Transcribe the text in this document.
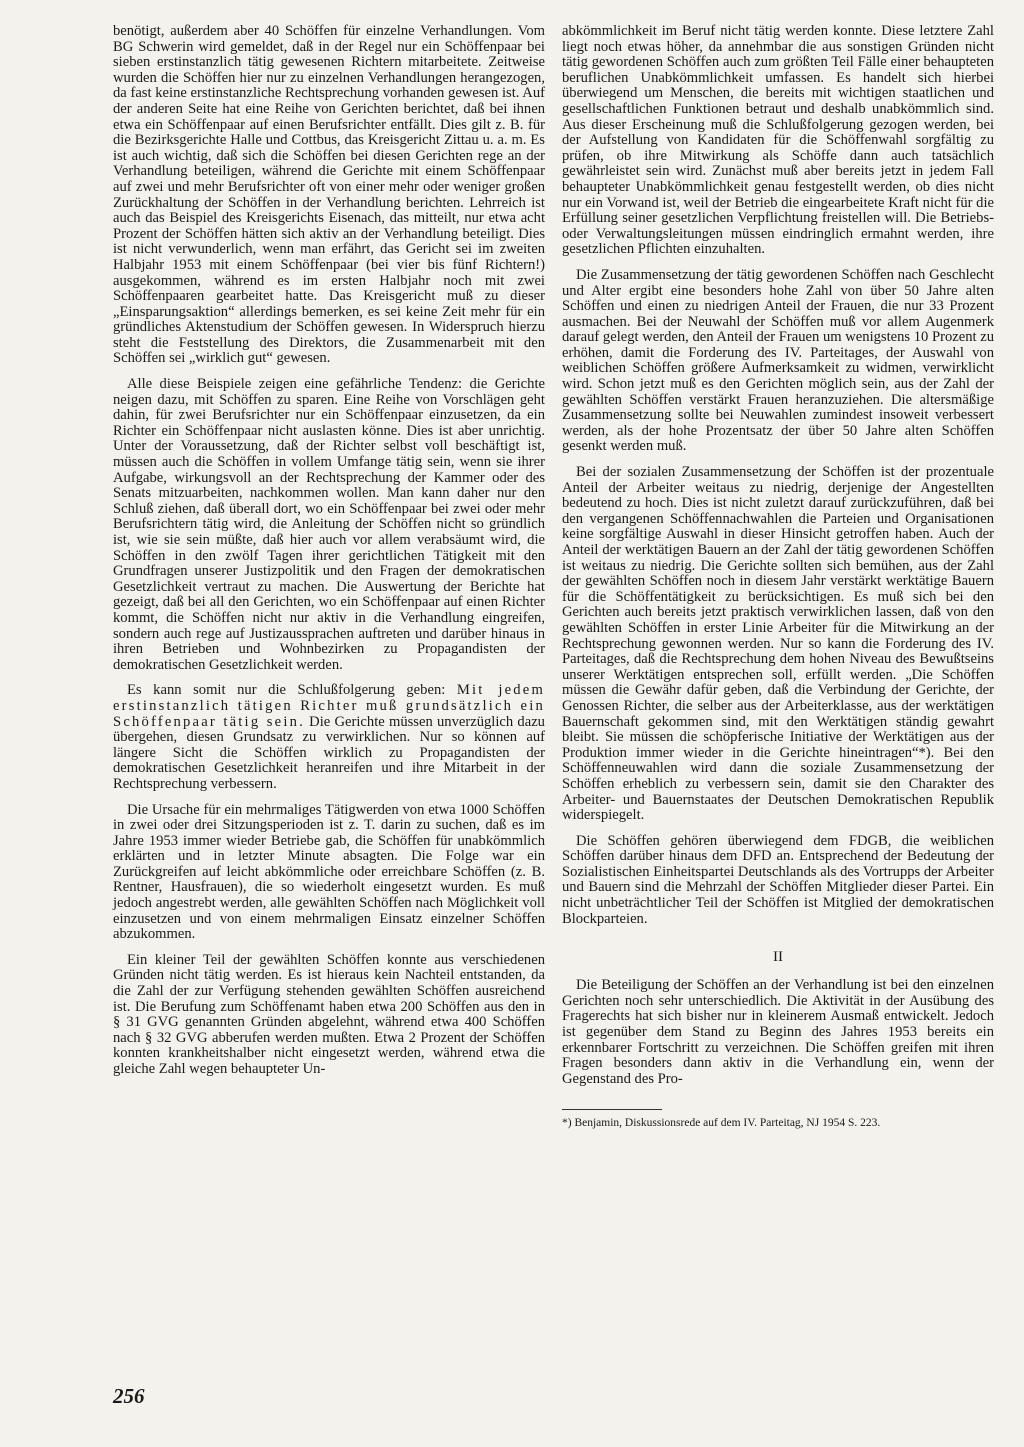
benötigt, außerdem aber 40 Schöffen für einzelne Verhandlungen. Vom BG Schwerin wird gemeldet, daß in der Regel nur ein Schöffenpaar bei sieben erstinstanzlich tätig gewesenen Richtern mitarbeitete. Zeitweise wurden die Schöffen hier nur zu einzelnen Verhandlungen herangezogen, da fast keine erstinstanzliche Rechtsprechung vorhanden gewesen ist. Auf der anderen Seite hat eine Reihe von Gerichten berichtet, daß bei ihnen etwa ein Schöffenpaar auf einen Berufsrichter entfällt. Dies gilt z. B. für die Bezirksgerichte Halle und Cottbus, das Kreisgericht Zittau u. a. m. Es ist auch wichtig, daß sich die Schöffen bei diesen Gerichten rege an der Verhandlung beteiligen, während die Gerichte mit einem Schöffenpaar auf zwei und mehr Berufsrichter oft von einer mehr oder weniger großen Zurückhaltung der Schöffen in der Verhandlung berichten. Lehrreich ist auch das Beispiel des Kreisgerichts Eisenach, das mitteilt, nur etwa acht Prozent der Schöffen hätten sich aktiv an der Verhandlung beteiligt. Dies ist nicht verwunderlich, wenn man erfährt, das Gericht sei im zweiten Halbjahr 1953 mit einem Schöffenpaar (bei vier bis fünf Richtern!) ausgekommen, während es im ersten Halbjahr noch mit zwei Schöffenpaaren gearbeitet hatte. Das Kreisgericht muß zu dieser „Einsparungsaktion“ allerdings bemerken, es sei keine Zeit mehr für ein gründliches Aktenstudium der Schöffen gewesen. In Widerspruch hierzu steht die Feststellung des Direktors, die Zusammenarbeit mit den Schöffen sei „wirklich gut“ gewesen.

Alle diese Beispiele zeigen eine gefährliche Tendenz: die Gerichte neigen dazu, mit Schöffen zu sparen. Eine Reihe von Vorschlägen geht dahin, für zwei Berufsrichter nur ein Schöffenpaar einzusetzen, da ein Richter ein Schöffenpaar nicht auslasten könne. Dies ist aber unrichtig. Unter der Voraussetzung, daß der Richter selbst voll beschäftigt ist, müssen auch die Schöffen in vollem Umfange tätig sein, wenn sie ihrer Aufgabe, wirkungsvoll an der Rechtsprechung der Kammer oder des Senats mitzuarbeiten, nachkommen wollen. Man kann daher nur den Schluß ziehen, daß überall dort, wo ein Schöffenpaar bei zwei oder mehr Berufsrichtern tätig wird, die Anleitung der Schöffen nicht so gründlich ist, wie sie sein müßte, daß hier auch vor allem verabsäumt wird, die Schöffen in den zwölf Tagen ihrer gerichtlichen Tätigkeit mit den Grundfragen unserer Justizpolitik und den Fragen der demokratischen Gesetzlichkeit vertraut zu machen. Die Auswertung der Berichte hat gezeigt, daß bei all den Gerichten, wo ein Schöffenpaar auf einen Richter kommt, die Schöffen nicht nur aktiv in die Verhandlung eingreifen, sondern auch rege auf Justizaussprachen auftreten und darüber hinaus in ihren Betrieben und Wohnbezirken zu Propagandisten der demokratischen Gesetzlichkeit werden.

Es kann somit nur die Schlußfolgerung geben: Mit jedem erstinstanzlich tätigen Richter muß grundsätzlich ein Schöffenpaar tätig sein. Die Gerichte müssen unverzüglich dazu übergehen, diesen Grundsatz zu verwirklichen. Nur so können auf längere Sicht die Schöffen wirklich zu Propagandisten der demokratischen Gesetzlichkeit heranreifen und ihre Mitarbeit in der Rechtsprechung verbessern.

Die Ursache für ein mehrmaliges Tätigwerden von etwa 1000 Schöffen in zwei oder drei Sitzungsperioden ist z. T. darin zu suchen, daß es im Jahre 1953 immer wieder Betriebe gab, die Schöffen für unabkömmlich erklärten und in letzter Minute absagten. Die Folge war ein Zurückgreifen auf leicht abkömmliche oder erreichbare Schöffen (z. B. Rentner, Hausfrauen), die so wiederholt eingesetzt wurden. Es muß jedoch angestrebt werden, alle gewählten Schöffen nach Möglichkeit voll einzusetzen und von einem mehrmaligen Einsatz einzelner Schöffen abzukommen.

Ein kleiner Teil der gewählten Schöffen konnte aus verschiedenen Gründen nicht tätig werden. Es ist hieraus kein Nachteil entstanden, da die Zahl der zur Verfügung stehenden gewählten Schöffen ausreichend ist. Die Berufung zum Schöffenamt haben etwa 200 Schöffen aus den in § 31 GVG genannten Gründen abgelehnt, während etwa 400 Schöffen nach § 32 GVG abberufen werden mußten. Etwa 2 Prozent der Schöffen konnten krankheitshalber nicht eingesetzt werden, während etwa die gleiche Zahl wegen behaupteter Un-

abkömmlichkeit im Beruf nicht tätig werden konnte. Diese letztere Zahl liegt noch etwas höher, da annehmbar die aus sonstigen Gründen nicht tätig gewordenen Schöffen auch zum größten Teil Fälle einer behaupteten beruflichen Unabkömmlichkeit umfassen. Es handelt sich hierbei überwiegend um Menschen, die bereits mit wichtigen staatlichen und gesellschaftlichen Funktionen betraut und deshalb unabkömmlich sind. Aus dieser Erscheinung muß die Schlußfolgerung gezogen werden, bei der Aufstellung von Kandidaten für die Schöffenwahl sorgfältig zu prüfen, ob ihre Mitwirkung als Schöffe dann auch tatsächlich gewährleistet sein wird. Zunächst muß aber bereits jetzt in jedem Fall behaupteter Unabkömmlichkeit genau festgestellt werden, ob dies nicht nur ein Vorwand ist, weil der Betrieb die eingearbeitete Kraft nicht für die Erfüllung seiner gesetzlichen Verpflichtung freistellen will. Die Betriebs- oder Verwaltungsleitungen müssen eindringlich ermahnt werden, ihre gesetzlichen Pflichten einzuhalten.

Die Zusammensetzung der tätig gewordenen Schöffen nach Geschlecht und Alter ergibt eine besonders hohe Zahl von über 50 Jahre alten Schöffen und einen zu niedrigen Anteil der Frauen, die nur 33 Prozent ausmachen. Bei der Neuwahl der Schöffen muß vor allem Augenmerk darauf gelegt werden, den Anteil der Frauen um wenigstens 10 Prozent zu erhöhen, damit die Forderung des IV. Parteitages, der Auswahl von weiblichen Schöffen größere Aufmerksamkeit zu widmen, verwirklicht wird. Schon jetzt muß es den Gerichten möglich sein, aus der Zahl der gewählten Schöffen verstärkt Frauen heranzuziehen. Die altersmäßige Zusammensetzung sollte bei Neuwahlen zumindest insoweit verbessert werden, als der hohe Prozentsatz der über 50 Jahre alten Schöffen gesenkt werden muß.

Bei der sozialen Zusammensetzung der Schöffen ist der prozentuale Anteil der Arbeiter weitaus zu niedrig, derjenige der Angestellten bedeutend zu hoch. Dies ist nicht zuletzt darauf zurückzuführen, daß bei den vergangenen Schöffennachwahlen die Parteien und Organisationen keine sorgfältige Auswahl in dieser Hinsicht getroffen haben. Auch der Anteil der werktätigen Bauern an der Zahl der tätig gewordenen Schöffen ist weitaus zu niedrig. Die Gerichte sollten sich bemühen, aus der Zahl der gewählten Schöffen noch in diesem Jahr verstärkt werktätige Bauern für die Schöffentätigkeit zu berücksichtigen. Es muß sich bei den Gerichten auch bereits jetzt praktisch verwirklichen lassen, daß von den gewählten Schöffen in erster Linie Arbeiter für die Mitwirkung an der Rechtsprechung gewonnen werden. Nur so kann die Forderung des IV. Parteitages, daß die Rechtsprechung dem hohen Niveau des Bewußtseins unserer Werktätigen entsprechen soll, erfüllt werden. „Die Schöffen müssen die Gewähr dafür geben, daß die Verbindung der Gerichte, der Genossen Richter, die selber aus der Arbeiterklasse, aus der werktätigen Bauernschaft gekommen sind, mit den Werktätigen ständig gewahrt bleibt. Sie müssen die schöpferische Initiative der Werktätigen aus der Produktion immer wieder in die Gerichte hineintragen“*). Bei den Schöffenneuwahlen wird dann die soziale Zusammensetzung der Schöffen erheblich zu verbessern sein, damit sie den Charakter des Arbeiter- und Bauernstaates der Deutschen Demokratischen Republik widerspiegelt.

Die Schöffen gehören überwiegend dem FDGB, die weiblichen Schöffen darüber hinaus dem DFD an. Entsprechend der Bedeutung der Sozialistischen Einheitspartei Deutschlands als des Vortrupps der Arbeiter und Bauern sind die Mehrzahl der Schöffen Mitglieder dieser Partei. Ein nicht unbeträchtlicher Teil der Schöffen ist Mitglied der demokratischen Blockparteien.

II

Die Beteiligung der Schöffen an der Verhandlung ist bei den einzelnen Gerichten noch sehr unterschiedlich. Die Aktivität in der Ausübung des Fragerechts hat sich bisher nur in kleinerem Ausmaß entwickelt. Jedoch ist gegenüber dem Stand zu Beginn des Jahres 1953 bereits ein erkennbarer Fortschritt zu verzeichnen. Die Schöffen greifen mit ihren Fragen besonders dann aktiv in die Verhandlung ein, wenn der Gegenstand des Pro-

*) Benjamin, Diskussionsrede auf dem IV. Parteitag, NJ 1954 S. 223.

256
